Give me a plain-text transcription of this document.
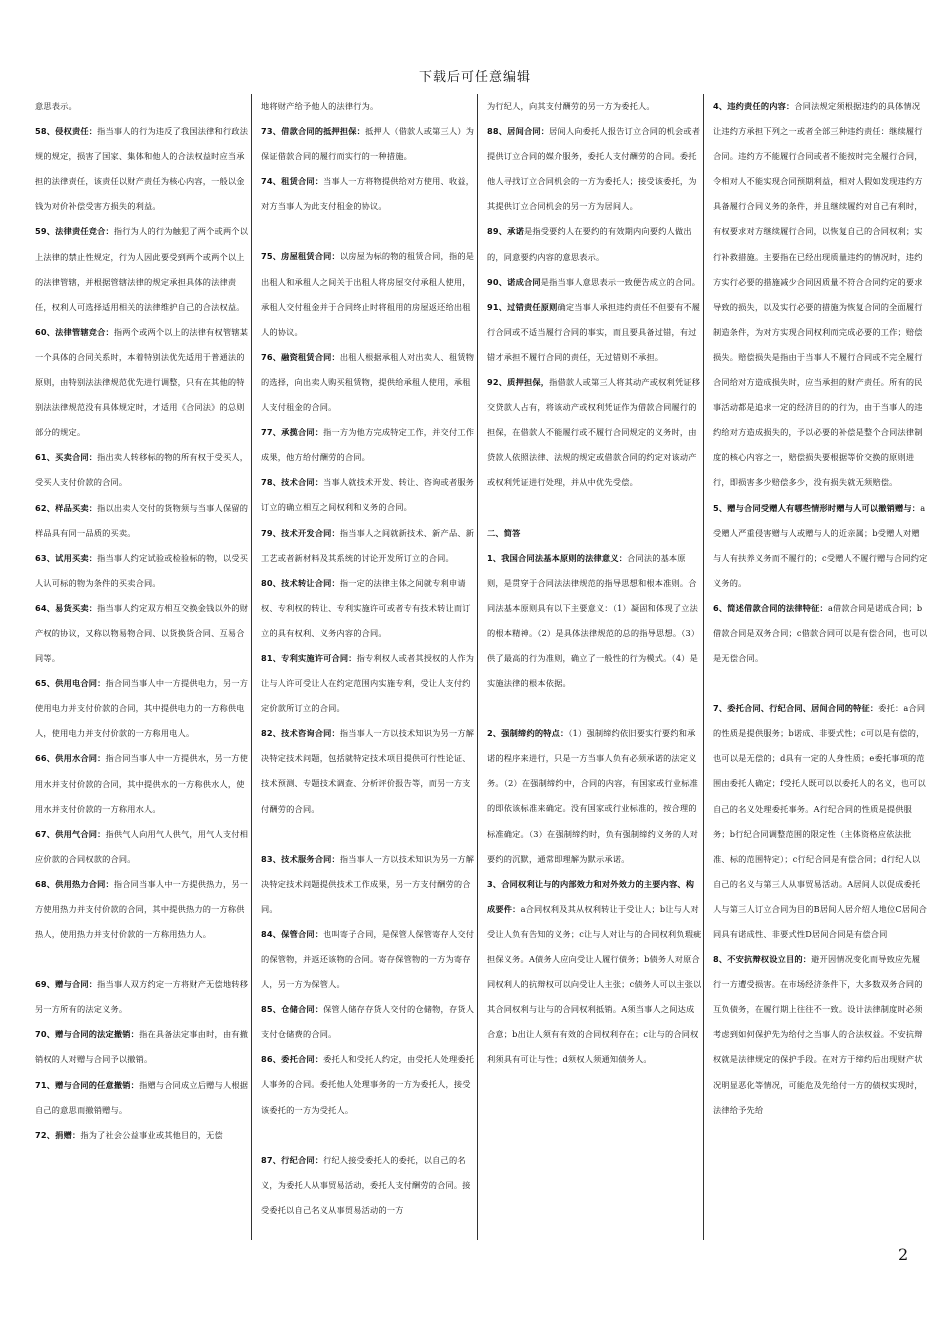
下载后可任意编辑
意思表示。
58、侵权责任：指当事人的行为违反了我国法律和行政法规的规定，损害了国家、集体和他人的合法权益时应当承担的法律责任，该责任以财产责任为核心内容，一般以金钱为对价补偿受害方损失的利益。
59、法律责任竞合：指行为人的行为触犯了两个或两个以上法律的禁止性规定，行为人因此要受到两个或两个以上的法律管辖，并根据管辖法律的规定承担具体的法律责任，权利人可选择适用相关的法律维护自己的合法权益。
60、法律管辖竞合：指两个或两个以上的法律有权管辖某一个具体的合同关系时，本着特别法优先适用于普通法的原则，由特别法法律规范优先进行调整，只有在其他的特别法法律规范没有具体规定时，才适用《合同法》的总则部分的规定。
61、买卖合同：指出卖人转移标的物的所有权于受买人，受买人支付价款的合同。
62、样品买卖：指以出卖人交付的货物须与当事人保留的样品具有同一品质的买卖。
63、试用买卖：指当事人约定试验或检验标的物，以受买人认可标的物为条件的买卖合同。
64、易货买卖：指当事人约定双方相互交换金钱以外的财产权的协议，又称以物易物合同、以货换货合同、互易合同等。
65、供用电合同：指合同当事人中一方提供电力，另一方使用电力并支付价款的合同，其中提供电力的一方称供电人，使用电力并支付价款的一方称用电人。
66、供用水合同：指合同当事人中一方提供水，另一方使用水并支付价款的合同，其中提供水的一方称供水人，使用水并支付价款的一方称用水人。
67、供用气合同：指供气人向用气人供气，用气人支付相应价款的合同权款的合同。
68、供用热力合同：指合同当事人中一方提供热力，另一方使用热力并支付价款的合同，其中提供热力的一方称供热人，使用热力并支付价款的一方称用热力人。
69、赠与合同：指当事人双方约定一方将财产无偿地转移另一方所有的法定义务。
70、赠与合同的法定撤销：指在具备法定事由时，由有撤销权的人对赠与合同予以撤销。
71、赠与合同的任意撤销：指赠与合同成立后赠与人根据自己的意思而撤销赠与。
72、捐赠：指为了社会公益事业或其他目的，无偿
地将财产给予他人的法律行为。
73、借款合同的抵押担保：抵押人（借款人或第三人）为保证借款合同的履行而实行的一种措施。
74、租赁合同：当事人一方将物提供给对方使用、收益，对方当事人为此支付租金的协议。
75、房屋租赁合同：以房屋为标的物的租赁合同，指的是出租人和承租人之间关于出租人将房屋交付承租人使用，承租人交付租金并于合同终止时将租用的房屋返还给出租人的协议。
76、融资租赁合同：出租人根据承租人对出卖人、租赁物的选择，向出卖人购买租赁物，提供给承租人使用，承租人支付租金的合同。
77、承揽合同：指一方为他方完成特定工作，并交付工作成果，他方给付酬劳的合同。
78、技术合同：当事人就技术开发、转让、咨询或者服务订立的确立相互之间权利和义务的合同。
79、技术开发合同：指当事人之间就新技术、新产品、新工艺或者新材料及其系统的讨论开发所订立的合同。
80、技术转让合同：指一定的法律主体之间就专利申请权、专利权的转让、专利实施许可或者专有技术转让而订立的具有权利、义务内容的合同。
81、专利实施许可合同：指专利权人或者其授权的人作为让与人许可受让人在约定范围内实施专利，受让人支付约定价款所订立的合同。
82、技术咨询合同：指当事人一方以技术知识为另一方解决特定技术问题，包括就特定技术项目提供可行性论证、技术预测、专题技术调查、分析评价报告等，而另一方支付酬劳的合同。
83、技术服务合同：指当事人一方以技术知识为另一方解决特定技术问题提供技术工作成果，另一方支付酬劳的合同。
84、保管合同：也叫寄子合同，是保管人保管寄存人交付的保管物，并返还该物的合同。寄存保管物的一方为寄存人，另一方为保管人。
85、仓储合同：保管人储存存货人交付的仓储物，存货人支付仓储费的合同。
86、委托合同：委托人和受托人约定，由受托人处理委托人事务的合同。委托他人处理事务的一方为委托人，接受该委托的一方为受托人。
87、行纪合同：行纪人接受委托人的委托，以自己的名义，为委托人从事贸易活动，委托人支付酬劳的合同。接受委托以自己名义从事贸易活动的一方
为行纪人，向其支付酬劳的另一方为委托人。
88、居间合同：居间人向委托人报告订立合同的机会或者提供订立合同的媒介服务，委托人支付酬劳的合同。委托他人寻找订立合同机会的一方为委托人；接受该委托，为其提供订立合同机会的另一方为居间人。
89、承诺是指受要约人在要约的有效期内向要约人做出的，同意要约内容的意思表示。
90、诺成合同是指当事人意思表示一致便告成立的合同。
91、过错责任原则确定当事人承担违约责任不但要有不履行合同或不适当履行合同的事实，而且要具备过错，有过错才承担不履行合同的责任，无过错则不承担。
92、质押担保，指借款人或第三人将其动产或权利凭证移交贷款人占有，将该动产或权利凭证作为借款合同履行的担保，在借款人不能履行或不履行合同规定的义务时，由贷款人依照法律、法规的规定或借款合同的约定对该动产或权利凭证进行处理，并从中优先受偿。
二、简答
1、我国合同法基本原则的法律意义：合同法的基本原则，是贯穿于合同法法律规范的指导思想和根本准则。合同法基本原则具有以下主要意义：（1）凝固和体现了立法的根本精神。（2）是具体法律规范的总的指导思想。（3）供了最高的行为准则，确立了一般性的行为模式。（4）是实施法律的根本依据。
2、强制缔约的特点：（1）强制缔约依旧要实行要约和承诺的程序来进行，只是一方当事人负有必须承诺的法定义务。（2）在强制缔约中，合同的内容，有国家或行业标准的即依该标准来确定。没有国家或行业标准的，按合理的标准确定。（3）在强制缔约时，负有强制缔约义务的人对要约的沉默，通常即理解为默示承诺。
3、合同权利让与的内部效力和对外效力的主要内容、构成要件：a合同权利及其从权利转让于受让人；b让与人对受让人负有告知的义务；c让与人对让与的合同权利负瑕疵担保义务。A债务人应向受让人履行债务；b债务人对原合同权利人的抗辩权可以向受让人主张；c债务人可以主张以其合同权利与让与的合同权利抵销。A须当事人之间达成合意；b出让人须有有效的合同权利存在；c让与的合同权利须具有可让与性；d须权人须通知债务人。
4、违约责任的内容：合同法规定须根据违约的具体情况让违约方承担下列之一或者全部三种违约责任：继续履行合同。违约方不能履行合同或者不能按时完全履行合同，令相对人不能实现合同预期利益，相对人假如发现违约方具备履行合同义务的条件，并且继续履约对自己有利时，有权要求对方继续履行合同，以恢复自己的合同权利；实行补救措施。主要指在已经出现质量违约的情况时，违约方实行必要的措施减少合同因质量不符合合同约定的要求导致的损失，以及实行必要的措施为恢复合同的全面履行制造条件，为对方实现合同权利而完成必要的工作；赔偿损失。赔偿损失是指由于当事人不履行合同或不完全履行合同给对方造成损失时，应当承担的财产责任。所有的民事活动都是追求一定的经济目的的行为，由于当事人的违约给对方造成损失的，予以必要的补偿是整个合同法律制度的核心内容之一，赔偿损失要根据等价交换的原则进行，即损害多少赔偿多少，没有损失就无须赔偿。
5、赠与合同受赠人有哪些情形时赠与人可以撤销赠与：a受赠人严重侵害赠与人或赠与人的近亲属；b受赠人对赠与人有扶养义务而不履行的；c受赠人不履行赠与合同约定义务的。
6、简述借款合同的法律特征：a借款合同是诺成合同；b借款合同是双务合同；c借款合同可以是有偿合同，也可以是无偿合同。
7、委托合同、行纪合同、居间合同的特征：委托：a合同的性质是提供服务；b诺成、非要式性；c可以是有偿的，也可以是无偿的；d具有一定的人身性质；e委托事项的范围由委托人确定；f受托人既可以以委托人的名义，也可以自己的名义处理委托事务。A行纪合同的性质是提供服务；b行纪合同调整范围的限定性（主体资格应依法批准、标的范围特定）；c行纪合同是有偿合同；d行纪人以自己的名义与第三人从事贸易活动。A居间人以促成委托人与第三人订立合同为目的B居间人居介绍人地位C居间合同具有诺成性、非要式性D居间合同是有偿合同
8、不安抗辩权设立目的：避开因情况变化而导致应先履行一方遭受损害。在市场经济条件下，大多数双务合同的互负债务，在履行期上往往不一致。设计法律制度时必须考虑到如何保护先为给付之当事人的合法权益。不安抗辩权就是法律规定的保护手段。在对方于缔约后出现财产状况明显恶化等情况，可能危及先给付一方的债权实现时，法律给予先给
2
